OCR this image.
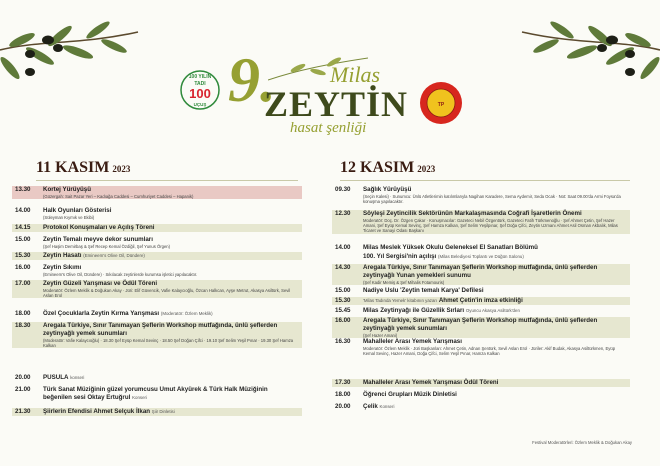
100 YILIN
TADI
100
UÇUŞ 9. Milas
ZEYTİN
hasat şenliği
TP
11 KASIM 2023
13.30	Kortej Yürüyüşü
(Güzergah: Sait Pazar Yeri – Kadıağa Caddesi – Cumhuriyet Caddesi – Hapanik)
14.00	Halk Oyunları Gösterisi
(Süleyman Kıymık ve Ekibi)
14.15	Protokol Konuşmaları ve Açılış Töreni
15.00	Zeytin Temalı meyve dekor sunumları
(Şef Haşim Demirbaş & Şef Recep Kemal Özdiğil, Şef Yunus Örgen)
15.30	Zeytin Hasatı (Emineem's Olive Oil, Dündere)
16.00	Zeytin Sıkımı
(Emineem's Olive Oil, Dündere) · Sıkılacak zeytinlerde kurumsa işletici yapılacaktır.
17.00	Zeytin Güzeli Yarışması ve Ödül Töreni
Moderatör: Özlem Meklik & Doğukan Akay · Jüri: Elif Güvencik, Vafie Kalaycıoğlu, Özcan Halkcan, Ayşe Metrut, Akasya Asiltürk, Sevil Aslan Erol
18.00	Özel Çocuklarla Zeytin Kırma Yarışması (Moderatör: Özlem Meklik)
18.30	Aregala Türkiye, Sınır Tanımayan Şeflerin Workshop mutfağında, ünlü şeflerden zeytinyağlı yemek sunumları
(Moderatör: Vafie Kalaycıoğlu) · 18.30 Şef Eyüp Kemal Sevinç · 18.50 Şef Doğan Çifci · 19.10 Şef Selim Yeşil Pınar · 19.30 Şef Hamza Kalkan
20.00	PUSULA konseri
21.00	Türk Sanat Müziğinin güzel yorumcusu Umut Akyürek & Türk Halk Müziğinin beğenilen sesi Oktay Ertuğrul Konseri
21.30	Şiirlerin Efendisi Ahmet Selçuk İlkan Şiir Dinletisi
12 KASIM 2023
09.30	Sağlık Yürüyüşü
(Seçin Kalesi) · Sunumcu: Ünlü Atletlerimin katılımlarıyla Nagihan Karadere, Sema Aydemir, Seda Ocak · Not: Saat 09.00'da Armi Foysa'da konuşma yapılacaktır.
12.30	Söyleşi Zeytincilik Sektörünün Markalaşmasında Coğrafi İşaretlerin Önemi
Moderatör: Doç. Dr. Özgen Çakar · Konuşmacılar: Gazeteci Nebil Özgentürk, Gazeteci Fatih Türkmenoğlu · Şef Ahmet Çetin, Şef Hazer Amani, Şef Eyüp Kemal Sevinç, Şef Hamza Kalkan, Şef Selim Yeşilpınar, Şef Doğa Çifci, Zeytin Uzmanı Ahmet Asil Osman Akbalık, Milas Ticaret ve Sanayi Odası Başkanı
14.00	Milas Meslek Yüksek Okulu Geleneksel El Sanatları Bölümü
100. Yıl Sergisi'nin açılışı (Milas Belediyesi Toplantı ve Düğün Salonu)
14.30	Aregala Türkiye, Sınır Tanımayan Şeflerin Workshop mutfağında, ünlü şeflerden zeytinyağlı Yunan yemekleri sunumu
(Şef Kadir Memiş & Şef Mihalis Fotamouris)
15.00	Nadiye Uslu 'Zeytin temalı Karya' Defilesi
15.30	'Milas Tadında Yemek' kitabının yazarı Ahmet Çetin'in imza etkinliği
15.45	Milas Zeytinyağı ile Güzellik Sırları Oyuncu Akasya Asiltürk'den
16.00	Aregala Türkiye, Sınır Tanımayan Şeflerin Workshop mutfağında, ünlü şeflerden zeytinyağlı yemek sunumları
(Şef Hazer Amani)
16.30	Mahalleler Arası Yemek Yarışması
Moderatör: Özlem Meklik · Jüri Başkanları: Ahmet Çetin, Adnan Şentürk, Sevil Aslan Erol · Jüriler: Akif Budak, Akasya Asiltürkmen, Eyüp Kemal Sevinç, Hazer Amani, Doğa Çifci, Selim Yeşil Pınar, Hamza Kalkan
17.30	Mahalleler Arası Yemek Yarışması Ödül Töreni
18.00	Öğrenci Grupları Müzik Dinletisi
20.00	Çelik Konseri
Festival Moderatörleri: Özlem Meklik & Doğukan Akay
